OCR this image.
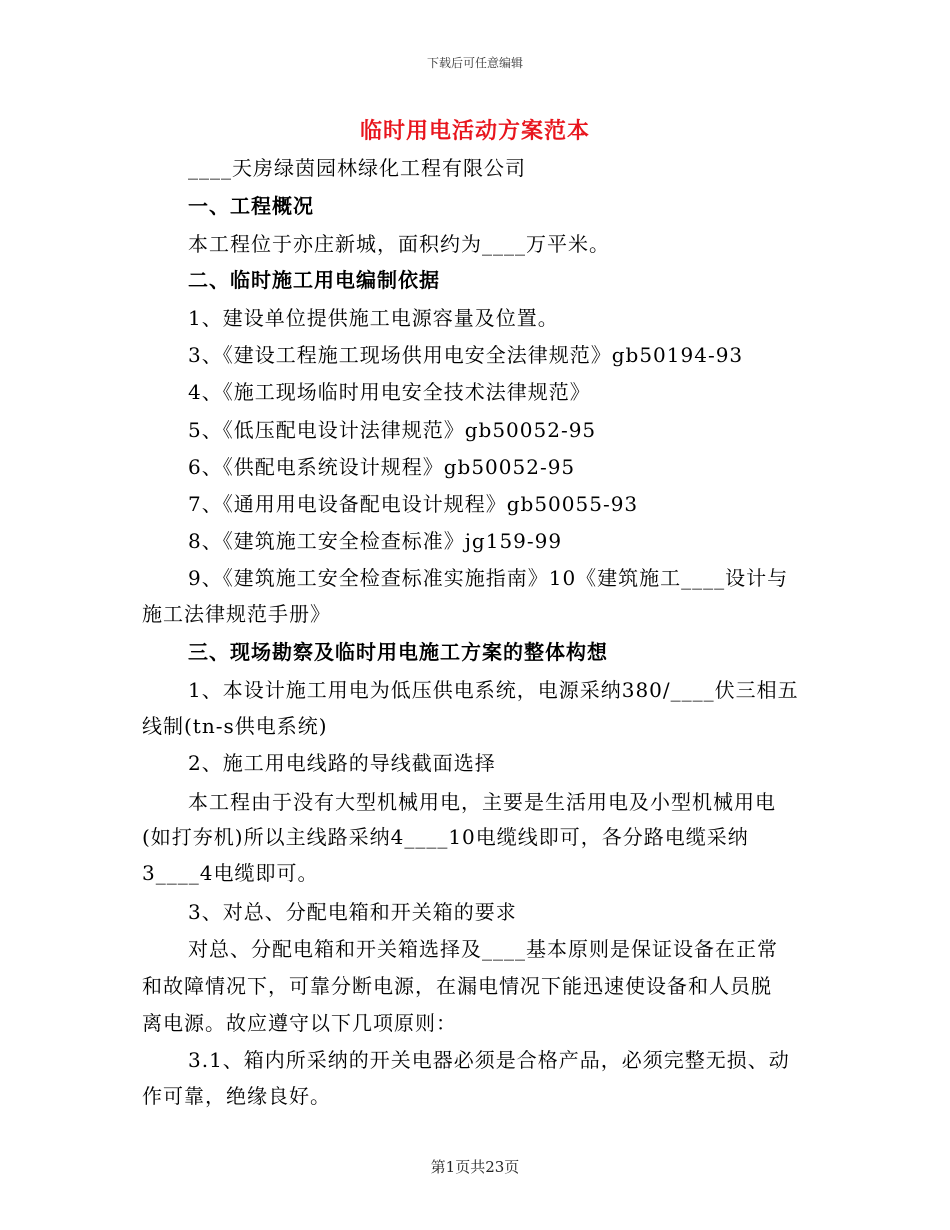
下载后可任意编辑
临时用电活动方案范本
____天房绿茵园林绿化工程有限公司
一、工程概况
本工程位于亦庄新城，面积约为____万平米。
二、临时施工用电编制依据
1、建设单位提供施工电源容量及位置。
3、《建设工程施工现场供用电安全法律规范》gb50194-93
4、《施工现场临时用电安全技术法律规范》
5、《低压配电设计法律规范》gb50052-95
6、《供配电系统设计规程》gb50052-95
7、《通用用电设备配电设计规程》gb50055-93
8、《建筑施工安全检查标准》jg159-99
9、《建筑施工安全检查标准实施指南》10《建筑施工____设计与
施工法律规范手册》
三、现场勘察及临时用电施工方案的整体构想
1、本设计施工用电为低压供电系统，电源采纳380/____伏三相五
线制(tn-s供电系统)
2、施工用电线路的导线截面选择
本工程由于没有大型机械用电，主要是生活用电及小型机械用电
(如打夯机)所以主线路采纳4____10电缆线即可，各分路电缆采纳
3____4电缆即可。
3、对总、分配电箱和开关箱的要求
对总、分配电箱和开关箱选择及____基本原则是保证设备在正常
和故障情况下，可靠分断电源，在漏电情况下能迅速使设备和人员脱
离电源。故应遵守以下几项原则：
3.1、箱内所采纳的开关电器必须是合格产品，必须完整无损、动
作可靠，绝缘良好。
第1页共23页
